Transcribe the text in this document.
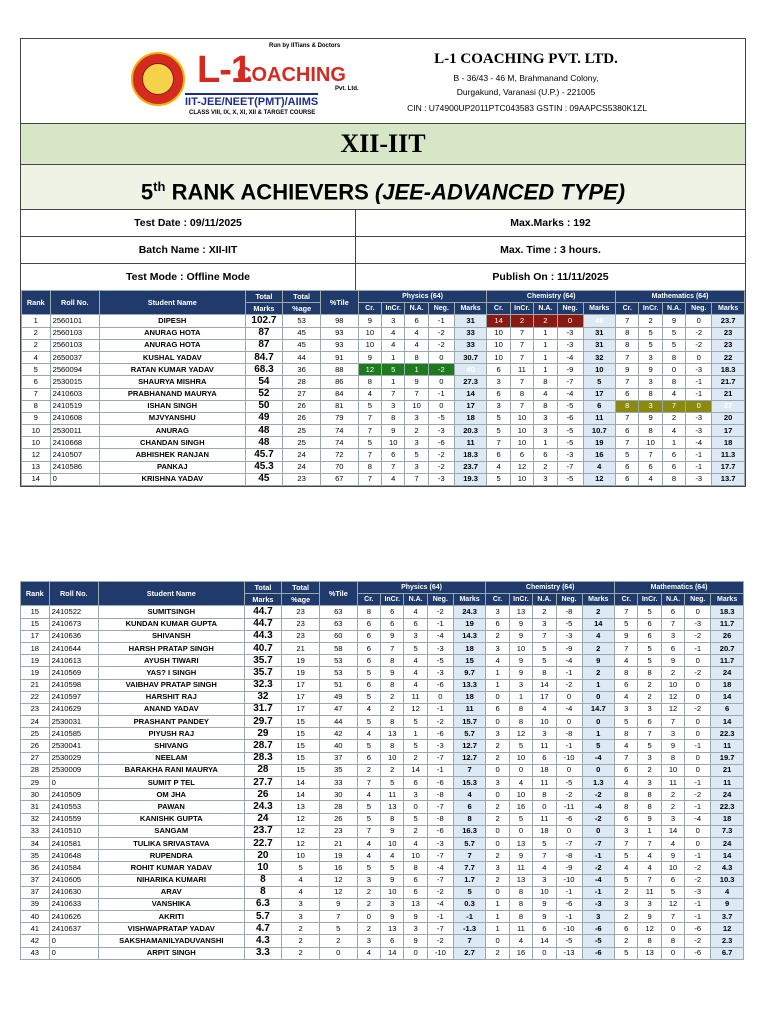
Run by IITians & Doctors
L-1
COACHING
Pvt. Ltd.
IIT-JEE/NEET(PMT)/AIIMS
CLASS VIII, IX, X, XI, XII & TARGET COURSE
L-1 COACHING PVT. LTD.
B - 36/43 - 46 M, Brahmanand Colony,
Durgakund, Varanasi (U.P.) - 221005
CIN : U74900UP2011PTC043583 GSTIN : 09AAPCS5380K1ZL
XII-IIT
5th RANK ACHIEVERS (JEE-ADVANCED TYPE)
Test Date : 09/11/2025	Max.Marks : 192
Batch Name : XII-IIT	Max. Time : 3 hours.
Test Mode : Offline Mode	Publish On : 11/11/2025
Rank	Roll No.	Student Name	Total	Total	%Tile	Physics (64)					Chemistry (64)					Mathematics (64)				
			Marks	%age		Cr.	InCr.	N.A.	Neg.	Marks	Cr.	InCr.	N.A.	Neg.	Marks	Cr.	InCr.	N.A.	Neg.	Marks
1	2560101	DIPESH	102.7	53	98	9	3	6	-1	31	14	2	2	0	48	7	2	9	0	23.7
2	2560103	ANURAG HOTA	87	45	93	10	4	4	-2	33	10	7	1	-3	31	8	5	5	-2	23
2	2560103	ANURAG HOTA	87	45	93	10	4	4	-2	33	10	7	1	-3	31	8	5	5	-2	23
4	2650037	KUSHAL YADAV	84.7	44	91	9	1	8	0	30.7	10	7	1	-4	32	7	3	8	0	22
5	2560094	RATAN KUMAR YADAV	68.3	36	88	12	5	1	-2	40	6	11	1	-9	10	9	9	0	-3	18.3
6	2530015	SHAURYA MISHRA	54	28	86	8	1	9	0	27.3	3	7	8	-7	5	7	3	8	-1	21.7
7	2410603	PRABHANAND MAURYA	52	27	84	4	7	7	-1	14	6	8	4	-4	17	6	8	4	-1	21
8	2410519	ISHAN SINGH	50	26	81	5	3	10	0	17	3	7	8	-5	6	8	3	7	0	27
9	2410608	MJVYANSHU	49	26	79	7	8	3	-5	18	5	10	3	-6	11	7	9	2	-3	20
10	2530011	ANURAG	48	25	74	7	9	2	-3	20.3	5	10	3	-5	10.7	6	8	4	-3	17
10	2410668	CHANDAN SINGH	48	25	74	5	10	3	-6	11	7	10	1	-5	19	7	10	1	-4	18
12	2410507	ABHISHEK RANJAN	45.7	24	72	7	6	5	-2	18.3	6	6	6	-3	16	5	7	6	-1	11.3
13	2410586	PANKAJ	45.3	24	70	8	7	3	-2	23.7	4	12	2	-7	4	6	6	6	-1	17.7
14	0	KRISHNA YADAV	45	23	67	7	4	7	-3	19.3	5	10	3	-5	12	6	4	8	-3	13.7
Rank	Roll No.	Student Name	Total	Total	%Tile	Physics (64)					Chemistry (64)					Mathematics (64)				
			Marks	%age		Cr.	InCr.	N.A.	Neg.	Marks	Cr.	InCr.	N.A.	Neg.	Marks	Cr.	InCr.	N.A.	Neg.	Marks
15	2410522	SUMITSINGH	44.7	23	63	8	6	4	-2	24.3	3	13	2	-8	2	7	5	6	0	18.3
15	2410673	KUNDAN KUMAR GUPTA	44.7	23	63	6	6	6	-1	19	6	9	3	-5	14	5	6	7	-3	11.7
17	2410636	SHIVANSH	44.3	23	60	6	9	3	-4	14.3	2	9	7	-3	4	9	6	3	-2	26
18	2410644	HARSH PRATAP SINGH	40.7	21	58	6	7	5	-3	18	3	10	5	-9	2	7	5	6	-1	20.7
19	2410613	AYUSH TIWARI	35.7	19	53	6	8	4	-5	15	4	9	5	-4	9	4	5	9	0	11.7
19	2410569	YAS? I SINGH	35.7	19	53	5	9	4	-3	9.7	1	9	8	-1	2	8	8	2	-2	24
21	2410598	VAIBHAV PRATAP SINGH	32.3	17	51	6	8	4	-6	13.3	1	3	14	-2	1	6	2	10	0	18
22	2410597	HARSHIT RAJ	32	17	49	5	2	11	0	18	0	1	17	0	0	4	2	12	0	14
23	2410629	ANAND YADAV	31.7	17	47	4	2	12	-1	11	6	8	4	-4	14.7	3	3	12	-2	6
24	2530031	PRASHANT PANDEY	29.7	15	44	5	8	5	-2	15.7	0	8	10	0	0	5	6	7	0	14
25	2410585	PIYUSH RAJ	29	15	42	4	13	1	-6	5.7	3	12	3	-8	1	8	7	3	0	22.3
26	2530041	SHIVANG	28.7	15	40	5	8	5	-3	12.7	2	5	11	-1	5	4	5	9	-1	11
27	2530029	NEELAM	28.3	15	37	6	10	2	-7	12.7	2	10	6	-10	-4	7	3	8	0	19.7
28	2530009	BARAKHA RANI MAURYA	28	15	35	2	2	14	-1	7	0	0	18	0	0	6	2	10	0	21
29	0	SUMIT P TEL	27.7	14	33	7	5	6	-6	15.3	3	4	11	-5	1.3	4	3	11	-1	11
30	2410509	OM JHA	26	14	30	4	11	3	-8	4	0	10	8	-2	-2	8	8	2	-2	24
31	2410553	PAWAN	24.3	13	28	5	13	0	-7	6	2	16	0	-11	-4	8	8	2	-1	22.3
32	2410559	KANISHK GUPTA	24	12	26	5	8	5	-8	8	2	5	11	-6	-2	6	9	3	-4	18
33	2410510	SANGAM	23.7	12	23	7	9	2	-6	16.3	0	0	18	0	0	3	1	14	0	7.3
34	2410581	TULIKA SRIVASTAVA	22.7	12	21	4	10	4	-3	5.7	0	13	5	-7	-7	7	7	4	0	24
35	2410648	RUPENDRA	20	10	19	4	4	10	-7	7	2	9	7	-8	-1	5	4	9	-1	14
36	2410584	ROHIT KUMAR YADAV	10	5	16	5	5	8	-4	7.7	3	11	4	-9	-2	4	4	10	-2	4.3
37	2410605	NIHARIKA KUMARI	8	4	12	3	9	6	-7	1.7	2	13	3	-10	-4	5	7	6	-2	10.3
37	2410630	ARAV	8	4	12	2	10	6	-2	5	0	8	10	-1	-1	2	11	5	-3	4
39	2410633	VANSHIKA	6.3	3	9	2	3	13	-4	0.3	1	8	9	-6	-3	3	3	12	-1	9
40	2410626	AKRITI	5.7	3	7	0	9	9	-1	-1	1	8	9	-1	3	2	9	7	-1	3.7
41	2410637	VISHWAPRATAP YADAV	4.7	2	5	2	13	3	-7	-1.3	1	11	6	-10	-6	6	12	0	-6	12
42	0	SAKSHAMANILYADUVANSHI	4.3	2	2	3	6	9	-2	7	0	4	14	-5	-5	2	8	8	-2	2.3
43	0	ARPIT SINGH	3.3	2	0	4	14	0	-10	2.7	2	16	0	-13	-6	5	13	0	-6	6.7
